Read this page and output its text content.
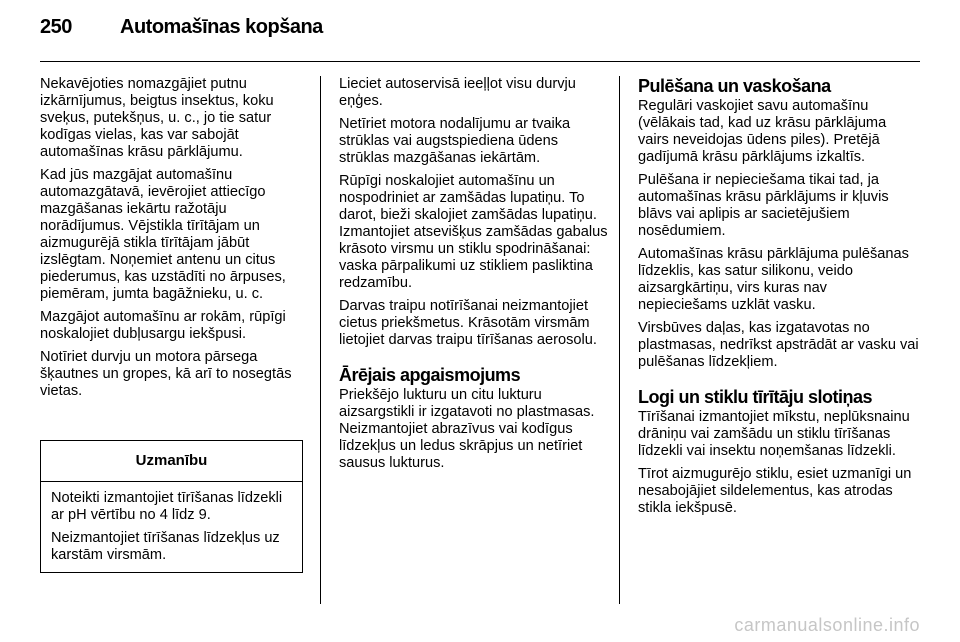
250 Automašīnas kopšana

Nekavējoties nomazgājiet putnu izkārnījumus, beigtus insektus, koku sveķus, putekšņus, u. c., jo tie satur kodīgas vielas, kas var sabojāt automašīnas krāsu pārklājumu.

Kad jūs mazgājat automašīnu automazgātavā, ievērojiet attiecīgo mazgāšanas iekārtu ražotāju norādījumus. Vējstikla tīrītājam un aizmugurējā stikla tīrītājam jābūt izslēgtam. Noņemiet antenu un citus piederumus, kas uzstādīti no ārpuses, piemēram, jumta bagāžnieku, u. c.

Mazgājot automašīnu ar rokām, rūpīgi noskalojiet dubļusargu iekšpusi.

Notīriet durvju un motora pārsega šķautnes un gropes, kā arī to nosegtās vietas.

Uzmanību

Noteikti izmantojiet tīrīšanas līdzekli ar pH vērtību no 4 līdz 9.

Neizmantojiet tīrīšanas līdzekļus uz karstām virsmām.

Lieciet autoservisā ieeļļot visu durvju eņģes.

Netīriet motora nodalījumu ar tvaika strūklas vai augstspiediena ūdens strūklas mazgāšanas iekārtām.

Rūpīgi noskalojiet automašīnu un nospodriniet ar zamšādas lupatiņu. To darot, bieži skalojiet zamšādas lupatiņu. Izmantojiet atsevišķus zamšādas gabalus krāsoto virsmu un stiklu spodrināšanai: vaska pārpalikumi uz stikliem pasliktina redzamību.

Darvas traipu notīrīšanai neizmantojiet cietus priekšmetus. Krāsotām virsmām lietojiet darvas traipu tīrīšanas aerosolu.

Ārējais apgaismojums

Priekšējo lukturu un citu lukturu aizsargstikli ir izgatavoti no plastmasas. Neizmantojiet abrazīvus vai kodīgus līdzekļus un ledus skrāpjus un netīriet sausus lukturus.

Pulēšana un vaskošana

Regulāri vaskojiet savu automašīnu (vēlākais tad, kad uz krāsu pārklājuma vairs neveidojas ūdens piles). Pretējā gadījumā krāsu pārklājums izkaltīs.

Pulēšana ir nepieciešama tikai tad, ja automašīnas krāsu pārklājums ir kļuvis blāvs vai aplipis ar sacietējušiem nosēdumiem.

Automašīnas krāsu pārklājuma pulēšanas līdzeklis, kas satur silikonu, veido aizsargkārtiņu, virs kuras nav nepieciešams uzklāt vasku.

Virsbūves daļas, kas izgatavotas no plastmasas, nedrīkst apstrādāt ar vasku vai pulēšanas līdzekļiem.

Logi un stiklu tīrītāju slotiņas

Tīrīšanai izmantojiet mīkstu, neplūksnainu drāniņu vai zamšādu un stiklu tīrīšanas līdzekli vai insektu noņemšanas līdzekli.

Tīrot aizmugurējo stiklu, esiet uzmanīgi un nesabojājiet sildelementus, kas atrodas stikla iekšpusē.

carmanualsonline.info
